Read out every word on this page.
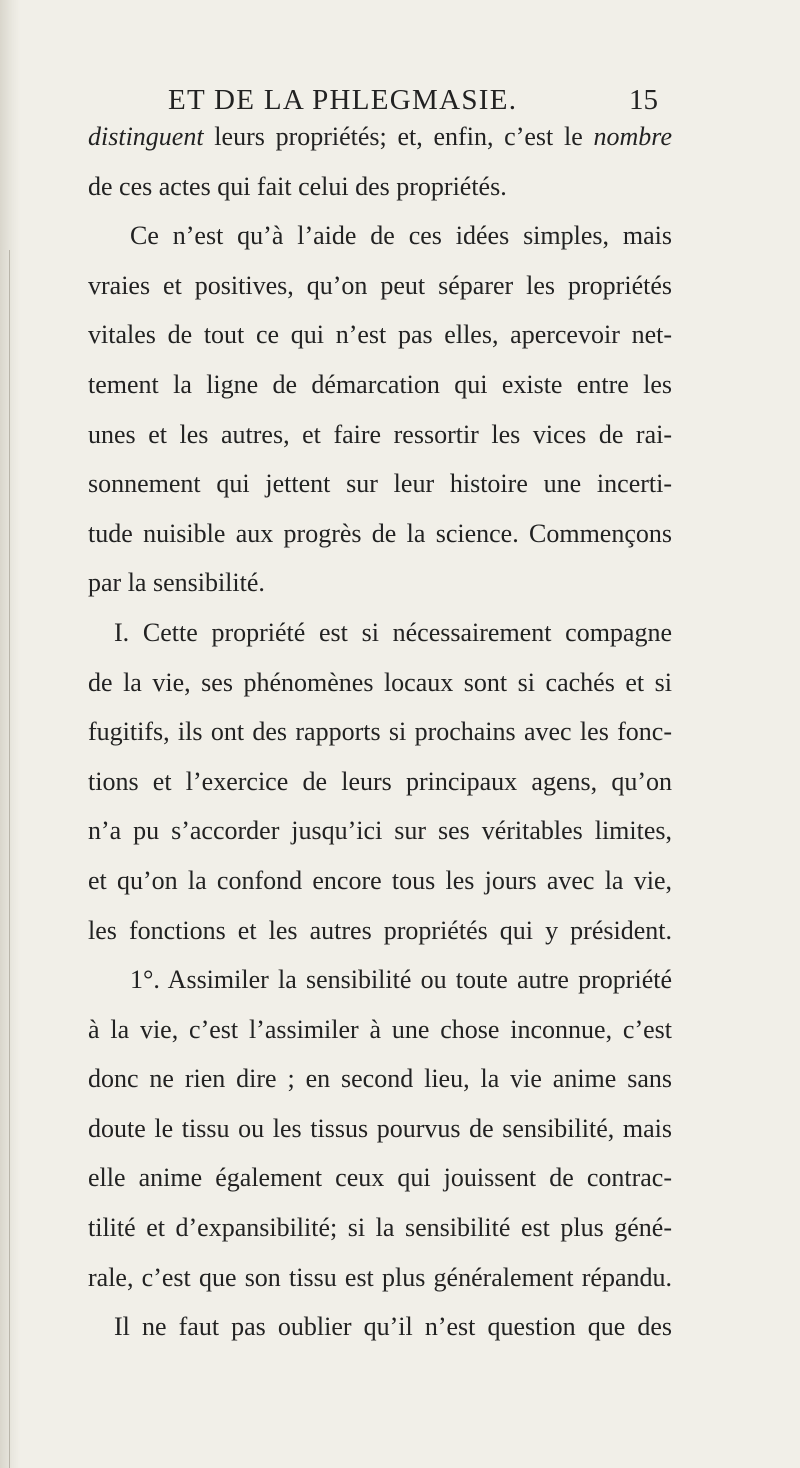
ET DE LA PHLEGMASIE.	15
distinguent leurs propriétés; et, enfin, c’est le nombre
de ces actes qui fait celui des propriétés.
Ce n’est qu’à l’aide de ces idées simples, mais
vraies et positives, qu’on peut séparer les propriétés
vitales de tout ce qui n’est pas elles, apercevoir net-
tement la ligne de démarcation qui existe entre les
unes et les autres, et faire ressortir les vices de rai-
sonnement qui jettent sur leur histoire une incerti-
tude nuisible aux progrès de la science. Commençons
par la sensibilité.
I. Cette propriété est si nécessairement compagne
de la vie, ses phénomènes locaux sont si cachés et si
fugitifs, ils ont des rapports si prochains avec les fonc-
tions et l’exercice de leurs principaux agens, qu’on
n’a pu s’accorder jusqu’ici sur ses véritables limites,
et qu’on la confond encore tous les jours avec la vie,
les fonctions et les autres propriétés qui y président.
1°. Assimiler la sensibilité ou toute autre propriété
à la vie, c’est l’assimiler à une chose inconnue, c’est
donc ne rien dire ; en second lieu, la vie anime sans
doute le tissu ou les tissus pourvus de sensibilité, mais
elle anime également ceux qui jouissent de contrac-
tilité et d’expansibilité; si la sensibilité est plus géné-
rale, c’est que son tissu est plus généralement répandu.
Il ne faut pas oublier qu’il n’est question que des
